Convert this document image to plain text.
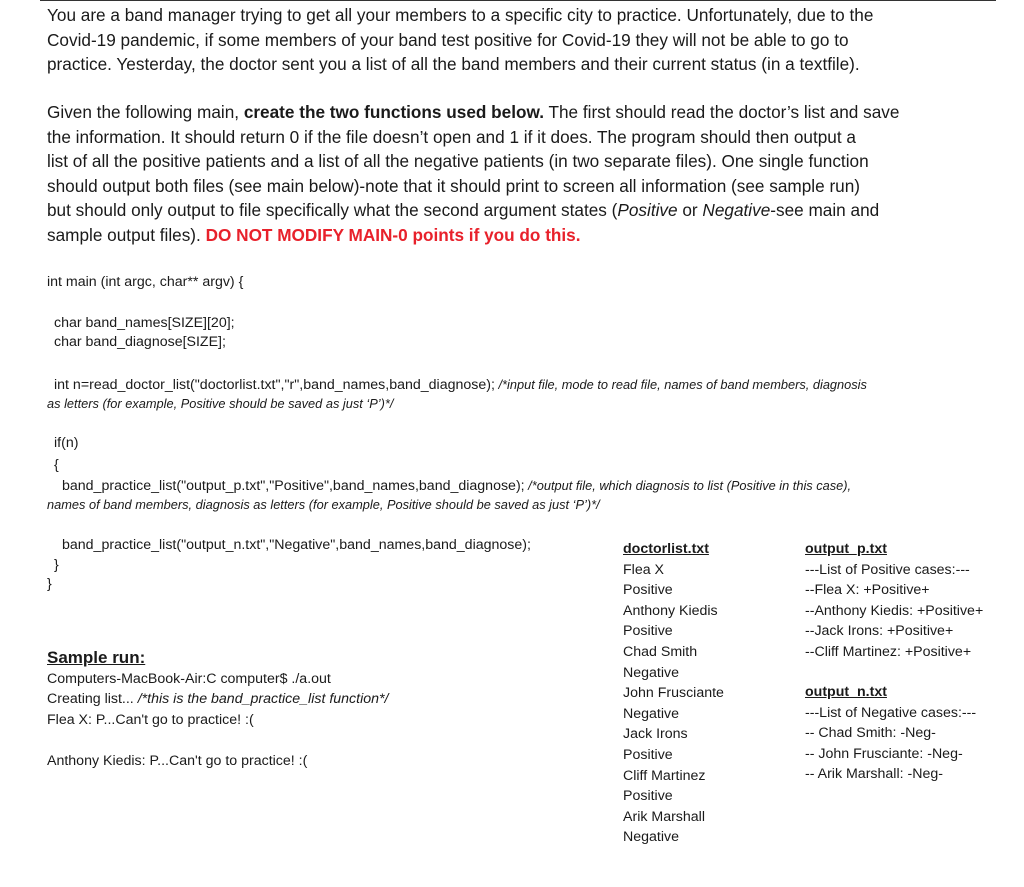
You are a band manager trying to get all your members to a specific city to practice. Unfortunately, due to the
Covid-19 pandemic, if some members of your band test positive for Covid-19 they will not be able to go to
practice. Yesterday, the doctor sent you a list of all the band members and their current status (in a textfile).
Given the following main, create the two functions used below. The first should read the doctor’s list and save
the information. It should return 0 if the file doesn’t open and 1 if it does. The program should then output a
list of all the positive patients and a list of all the negative patients (in two separate files). One single function
should output both files (see main below)-note that it should print to screen all information (see sample run)
but should only output to file specifically what the second argument states (Positive or Negative-see main and
sample output files). DO NOT MODIFY MAIN-0 points if you do this.
int main (int argc, char** argv) {
char band_names[SIZE][20];
char band_diagnose[SIZE];
int n=read_doctor_list("doctorlist.txt","r",band_names,band_diagnose); /*input file, mode to read file, names of band members, diagnosis
as letters (for example, Positive should be saved as just ‘P’)*/
if(n)
{
band_practice_list("output_p.txt","Positive",band_names,band_diagnose); /*output file, which diagnosis to list (Positive in this case),
names of band members, diagnosis as letters (for example, Positive should be saved as just ‘P’)*/
band_practice_list("output_n.txt","Negative",band_names,band_diagnose);
}
}
Sample run:
Computers-MacBook-Air:C computer$ ./a.out
Creating list... /*this is the band_practice_list function*/
Flea X: P...Can't go to practice! :(
Anthony Kiedis: P...Can't go to practice! :(
doctorlist.txt
Flea X
Positive
Anthony Kiedis
Positive
Chad Smith
Negative
John Frusciante
Negative
Jack Irons
Positive
Cliff Martinez
Positive
Arik Marshall
Negative
output_p.txt
---List of Positive cases:---
--Flea X: +Positive+
--Anthony Kiedis: +Positive+
--Jack Irons: +Positive+
--Cliff Martinez: +Positive+
output_n.txt
---List of Negative cases:---
-- Chad Smith: -Neg-
-- John Frusciante: -Neg-
-- Arik Marshall: -Neg-
